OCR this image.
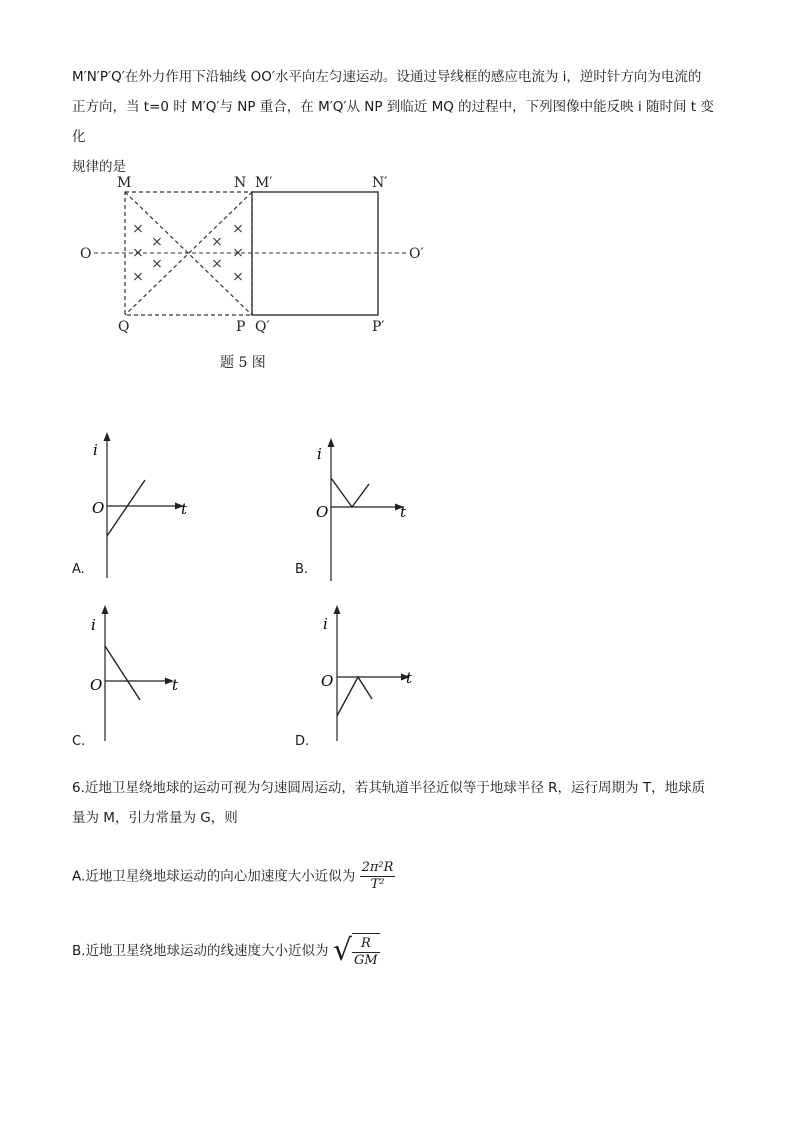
M′N′P′Q′在外力作用下沿轴线 OO′水平向左匀速运动。设通过导线框的感应电流为 i，逆时针方向为电流的
正方向，当 t=0 时 M′Q′与 NP 重合，在 M′Q′从 NP 到临近 MQ 的过程中，下列图像中能反映 i 随时间 t 变化
规律的是
×
×
×
×
×
×
×
×
×
×
M	N M′	N′
O	O′
Q	P Q′	P′
题 5 图
i
t
O
A.
i
t
O
B.
i
t
O
C.
i
t
O
D.
6.近地卫星绕地球的运动可视为匀速圆周运动，若其轨道半径近似等于地球半径 R，运行周期为 T，地球质
量为 M，引力常量为 G，则
A.近地卫星绕地球运动的向心加速度大小近似为 $\frac{\text{2π²R}}{\text{T²}}$
B.近地卫星绕地球运动的线速度大小近似为 √ $\frac{R}{GM}$
